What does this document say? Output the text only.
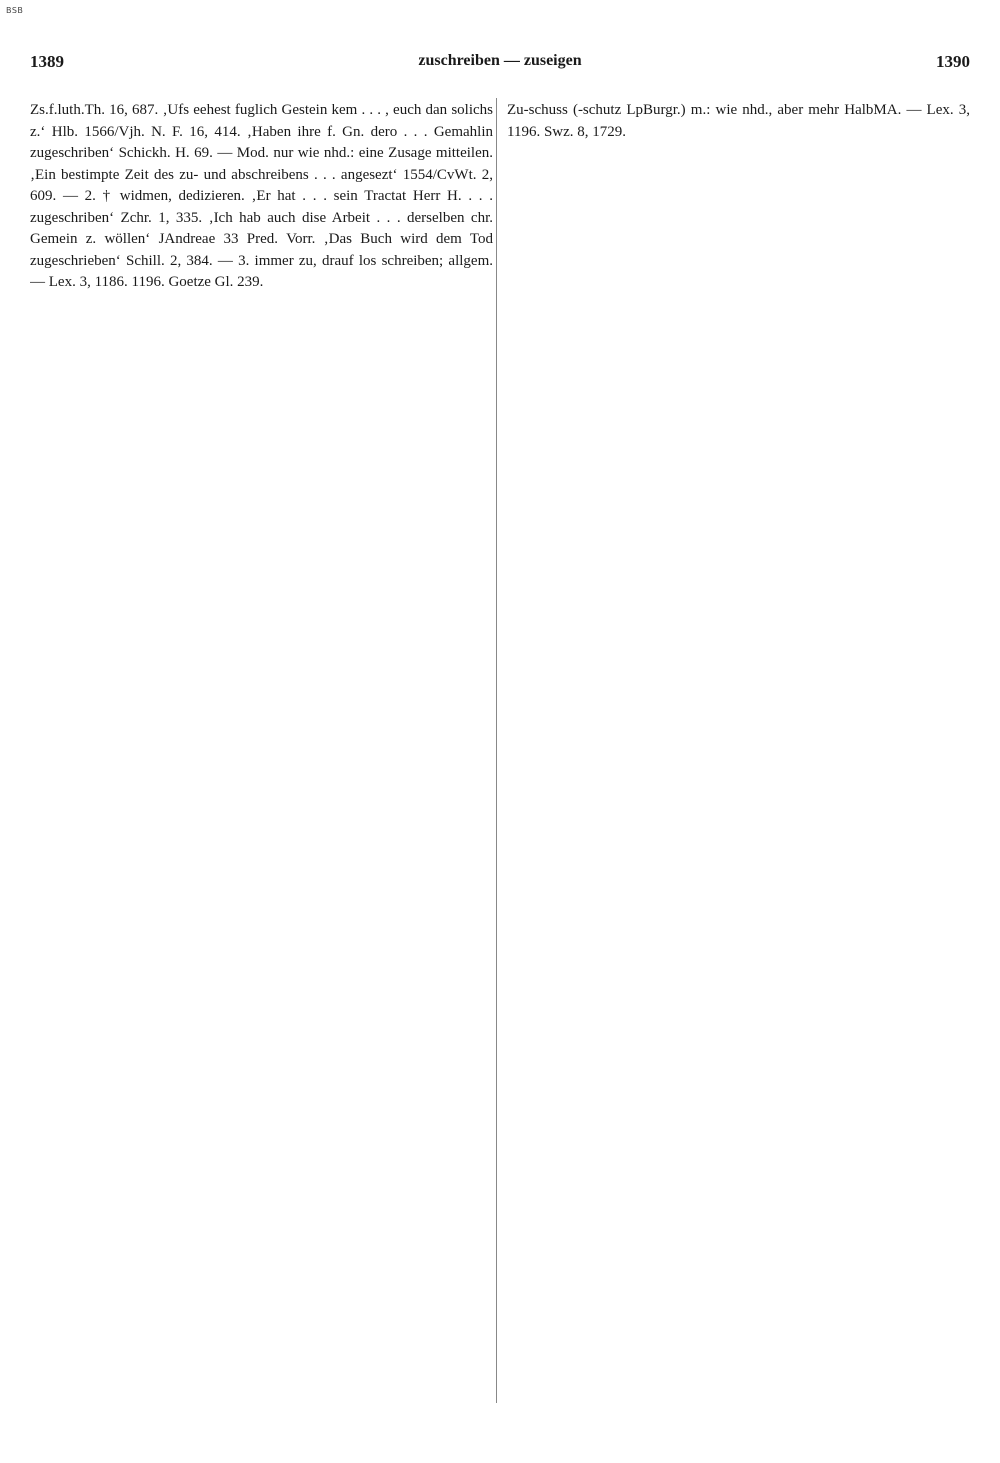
BSB
1389	zuschreiben — zuseigen	1390

Zs.f.luth.Th. 16, 687. ‚Ufs eehest fuglich Gestein kem . . . , euch dan solichs z.‘ Hlb. 1566/Vjh. N. F. 16, 414. ‚Haben ihre f. Gn. dero . . . Gemahlin zugeschriben‘ Schickh. H. 69. — Mod. nur wie nhd.: eine Zusage mitteilen. ‚Ein bestimpte Zeit des zu- und abschreibens . . . angesezt‘ 1554/CvWt. 2, 609. — 2. † widmen, dedizieren. ‚Er hat . . . sein Tractat Herr H. . . . zugeschriben‘ Zchr. 1, 335. ‚Ich hab auch dise Arbeit . . . derselben chr. Gemein z. wöllen‘ JAndreae 33 Pred. Vorr. ‚Das Buch wird dem Tod zugeschrieben‘ Schill. 2, 384. — 3. immer zu, drauf los schreiben; allgem. — Lex. 3, 1186. 1196. Goetze Gl. 239.

Zu-schuss (-schutz LpBurgr.) m.: wie nhd., aber mehr HalbMA. — Lex. 3, 1196. Swz. 8, 1729.
